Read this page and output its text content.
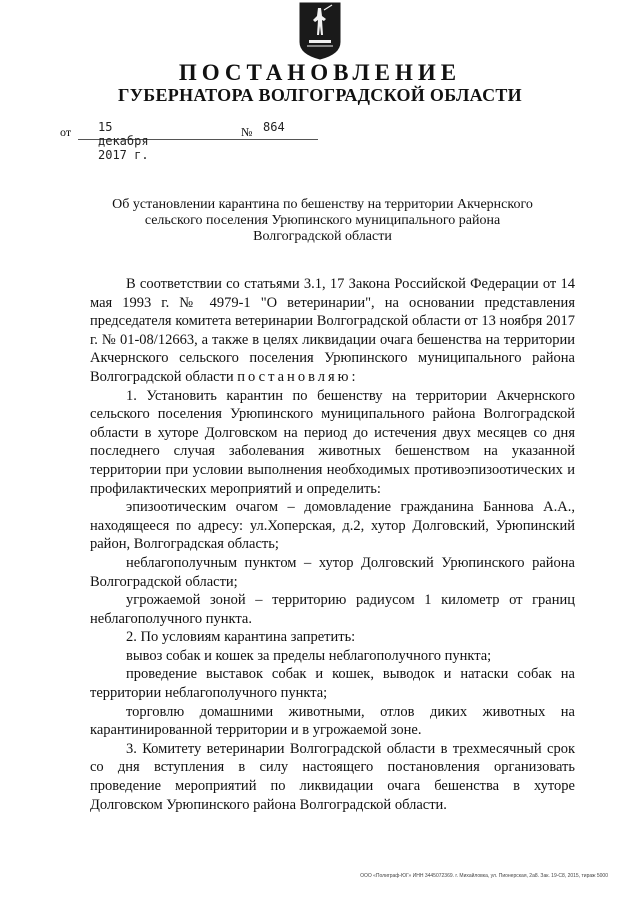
ПОСТАНОВЛЕНИЕ
ГУБЕРНАТОРА ВОЛГОГРАДСКОЙ ОБЛАСТИ
от 15 декабря 2017 г.
№ 864
Об установлении карантина по бешенству на территории Акчернского
сельского поселения Урюпинского муниципального района
Волгоградской области

В соответствии со статьями 3.1, 17 Закона Российской Федерации от 14 мая 1993 г. № 4979-1 "О ветеринарии", на основании представления председателя комитета ветеринарии Волгоградской области от 13 ноября 2017 г. № 01-08/12663, а также в целях ликвидации очага бешенства на территории Акчернского сельского поселения Урюпинского муниципального района Волгоградской области постановляю:

1. Установить карантин по бешенству на территории Акчернского сельского поселения Урюпинского муниципального района Волгоградской области в хуторе Долговском на период до истечения двух месяцев со дня последнего случая заболевания животных бешенством на указанной территории при условии выполнения необходимых противоэпизоотических и профилактических мероприятий и определить:

эпизоотическим очагом – домовладение гражданина Баннова А.А., находящееся по адресу: ул.Хоперская, д.2, хутор Долговский, Урюпинский район, Волгоградская область;

неблагополучным пунктом – хутор Долговский Урюпинского района Волгоградской области;

угрожаемой зоной – территорию радиусом 1 километр от границ неблагополучного пункта.

2. По условиям карантина запретить:

вывоз собак и кошек за пределы неблагополучного пункта;

проведение выставок собак и кошек, выводок и натаски собак на территории неблагополучного пункта;

торговлю домашними животными, отлов диких животных на карантинированной территории и в угрожаемой зоне.

3. Комитету ветеринарии Волгоградской области в трехмесячный срок со дня вступления в силу настоящего постановления организовать проведение мероприятий по ликвидации очага бешенства в хуторе Долговском Урюпинского района Волгоградской области.

ООО «Полиграф-ЮГ» ИНН 3445072369. г. Михайловка, ул. Пионерская, 2а8. Зак. 19-С8, 2015, тираж 5000
